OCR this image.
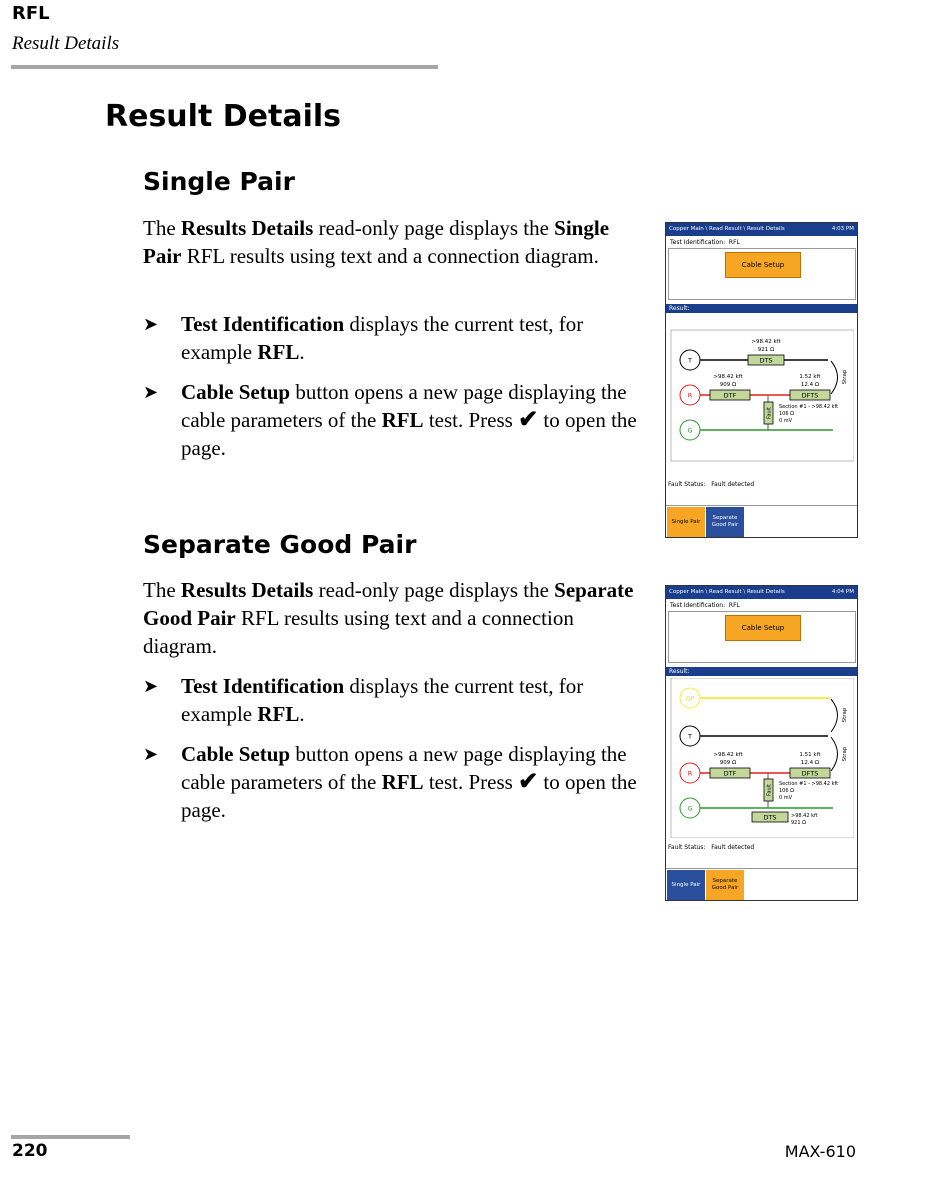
RFL
Result Details
Result Details
Single Pair

The Results Details read-only page displays the Single Pair RFL results using text and a connection diagram.

➤ Test Identification displays the current test, for example RFL.
➤ Cable Setup button opens a new page displaying the cable parameters of the RFL test. Press ✔ to open the page.
Copper Main \ Read Result \ Result Details	4:03 PM
Test Identification: RFL
Cable Setup
Result:
T	DTS
>98.42 kft
921 Ω
R	DTF
>98.42 kft
909 Ω
DFTS
1.52 kft
12.4 Ω
Strap
Fault Section #1 - >98.42 kft
106 Ω
0 mV
G
Fault Status: Fault detected
Single Pair
Separate Good Pair
Separate Good Pair

The Results Details read-only page displays the Separate Good Pair RFL results using text and a connection diagram.

➤ Test Identification displays the current test, for example RFL.
➤ Cable Setup button opens a new page displaying the cable parameters of the RFL test. Press ✔ to open the page.
Copper Main \ Read Result \ Result Details	4:04 PM
Test Identification: RFL
Cable Setup
Result:
GP
Strap
T
Strap
R	DTF
>98.42 kft
909 Ω
DFTS
1.51 kft
12.4 Ω
Fault Section #1 - >98.42 kft
106 Ω
0 mV
G
DTS	>98.42 kft
921 Ω
Fault Status: Fault detected
Single Pair
Separate Good Pair
220	MAX-610
